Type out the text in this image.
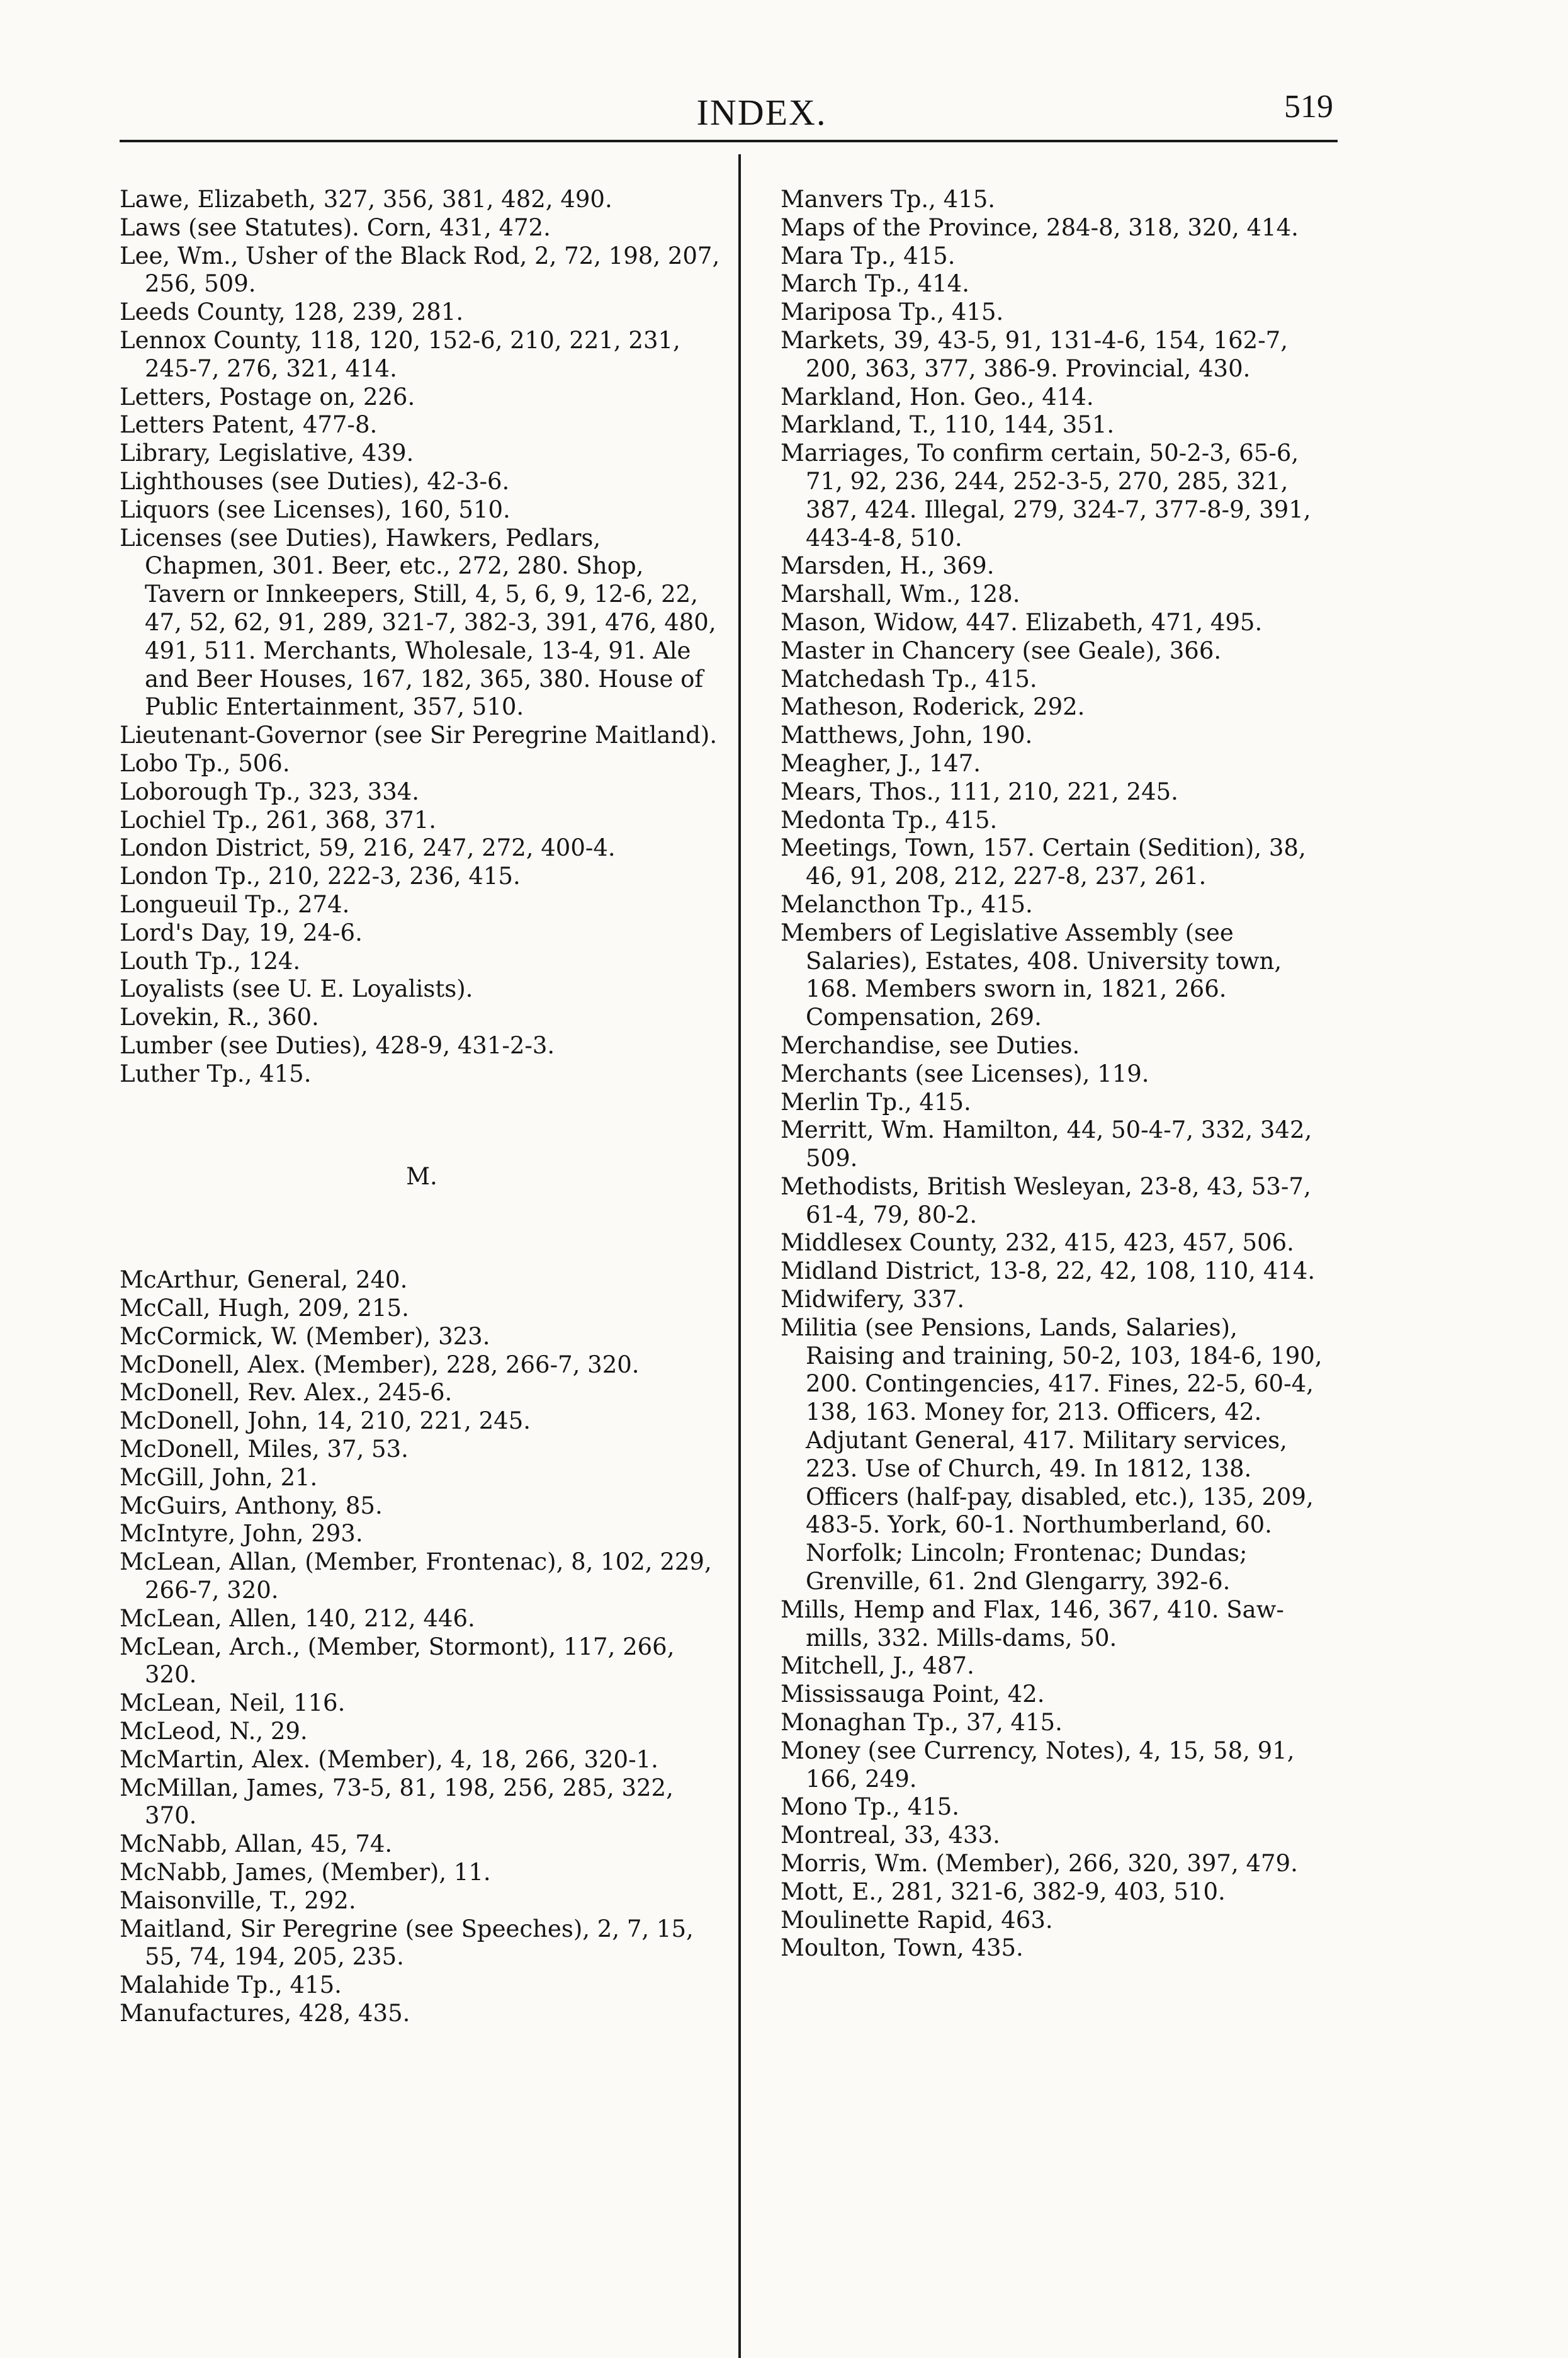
INDEX.	519
Lawe, Elizabeth, 327, 356, 381, 482, 490.
Laws (see Statutes). Corn, 431, 472.
Lee, Wm., Usher of the Black Rod, 2, 72, 198, 207, 256, 509.
Leeds County, 128, 239, 281.
Lennox County, 118, 120, 152-6, 210, 221, 231, 245-7, 276, 321, 414.
Letters, Postage on, 226.
Letters Patent, 477-8.
Library, Legislative, 439.
Lighthouses (see Duties), 42-3-6.
Liquors (see Licenses), 160, 510.
Licenses (see Duties), Hawkers, Pedlars, Chapmen, 301. Beer, etc., 272, 280. Shop, Tavern or Innkeepers, Still, 4, 5, 6, 9, 12-6, 22, 47, 52, 62, 91, 289, 321-7, 382-3, 391, 476, 480, 491, 511. Merchants, Wholesale, 13-4, 91. Ale and Beer Houses, 167, 182, 365, 380. House of Public Entertainment, 357, 510.
Lieutenant-Governor (see Sir Peregrine Maitland).
Lobo Tp., 506.
Loborough Tp., 323, 334.
Lochiel Tp., 261, 368, 371.
London District, 59, 216, 247, 272, 400-4.
London Tp., 210, 222-3, 236, 415.
Longueuil Tp., 274.
Lord's Day, 19, 24-6.
Louth Tp., 124.
Loyalists (see U. E. Loyalists).
Lovekin, R., 360.
Lumber (see Duties), 428-9, 431-2-3.
Luther Tp., 415.
M.
McArthur, General, 240.
McCall, Hugh, 209, 215.
McCormick, W. (Member), 323.
McDonell, Alex. (Member), 228, 266-7, 320.
McDonell, Rev. Alex., 245-6.
McDonell, John, 14, 210, 221, 245.
McDonell, Miles, 37, 53.
McGill, John, 21.
McGuirs, Anthony, 85.
McIntyre, John, 293.
McLean, Allan, (Member, Frontenac), 8, 102, 229, 266-7, 320.
McLean, Allen, 140, 212, 446.
McLean, Arch., (Member, Stormont), 117, 266, 320.
McLean, Neil, 116.
McLeod, N., 29.
McMartin, Alex. (Member), 4, 18, 266, 320-1.
McMillan, James, 73-5, 81, 198, 256, 285, 322, 370.
McNabb, Allan, 45, 74.
McNabb, James, (Member), 11.
Maisonville, T., 292.
Maitland, Sir Peregrine (see Speeches), 2, 7, 15, 55, 74, 194, 205, 235.
Malahide Tp., 415.
Manufactures, 428, 435.
Manvers Tp., 415.
Maps of the Province, 284-8, 318, 320, 414.
Mara Tp., 415.
March Tp., 414.
Mariposa Tp., 415.
Markets, 39, 43-5, 91, 131-4-6, 154, 162-7, 200, 363, 377, 386-9. Provincial, 430.
Markland, Hon. Geo., 414.
Markland, T., 110, 144, 351.
Marriages, To confirm certain, 50-2-3, 65-6, 71, 92, 236, 244, 252-3-5, 270, 285, 321, 387, 424. Illegal, 279, 324-7, 377-8-9, 391, 443-4-8, 510.
Marsden, H., 369.
Marshall, Wm., 128.
Mason, Widow, 447. Elizabeth, 471, 495.
Master in Chancery (see Geale), 366.
Matchedash Tp., 415.
Matheson, Roderick, 292.
Matthews, John, 190.
Meagher, J., 147.
Mears, Thos., 111, 210, 221, 245.
Medonta Tp., 415.
Meetings, Town, 157. Certain (Sedition), 38, 46, 91, 208, 212, 227-8, 237, 261.
Melancthon Tp., 415.
Members of Legislative Assembly (see Salaries), Estates, 408. University town, 168. Members sworn in, 1821, 266. Compensation, 269.
Merchandise, see Duties.
Merchants (see Licenses), 119.
Merlin Tp., 415.
Merritt, Wm. Hamilton, 44, 50-4-7, 332, 342, 509.
Methodists, British Wesleyan, 23-8, 43, 53-7, 61-4, 79, 80-2.
Middlesex County, 232, 415, 423, 457, 506.
Midland District, 13-8, 22, 42, 108, 110, 414.
Midwifery, 337.
Militia (see Pensions, Lands, Salaries), Raising and training, 50-2, 103, 184-6, 190, 200. Contingencies, 417. Fines, 22-5, 60-4, 138, 163. Money for, 213. Officers, 42. Adjutant General, 417. Military services, 223. Use of Church, 49. In 1812, 138. Officers (half-pay, disabled, etc.), 135, 209, 483-5. York, 60-1. Northumberland, 60. Norfolk; Lincoln; Frontenac; Dundas; Grenville, 61. 2nd Glengarry, 392-6.
Mills, Hemp and Flax, 146, 367, 410. Saw-mills, 332. Mills-dams, 50.
Mitchell, J., 487.
Mississauga Point, 42.
Monaghan Tp., 37, 415.
Money (see Currency, Notes), 4, 15, 58, 91, 166, 249.
Mono Tp., 415.
Montreal, 33, 433.
Morris, Wm. (Member), 266, 320, 397, 479.
Mott, E., 281, 321-6, 382-9, 403, 510.
Moulinette Rapid, 463.
Moulton, Town, 435.
